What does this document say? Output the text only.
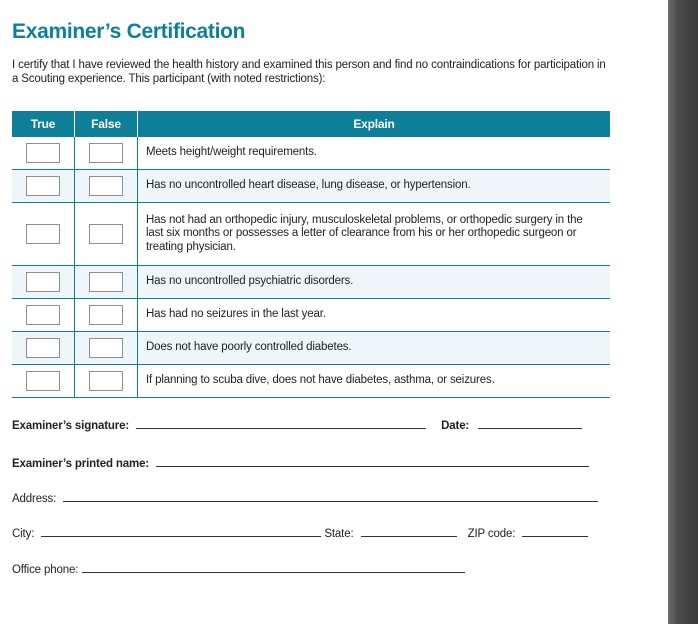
Examiner’s Certification
I certify that I have reviewed the health history and examined this person and find no contraindications for participation in a Scouting experience. This participant (with noted restrictions):
True	False	Explain
		Meets height/weight requirements.
		Has no uncontrolled heart disease, lung disease, or hypertension.
		Has not had an orthopedic injury, musculoskeletal problems, or orthopedic surgery in the last six months or possesses a letter of clearance from his or her orthopedic surgeon or treating physician.
		Has no uncontrolled psychiatric disorders.
		Has had no seizures in the last year.
		Does not have poorly controlled diabetes.
		If planning to scuba dive, does not have diabetes, asthma, or seizures.
Examiner’s signature:	Date:
Examiner’s printed name:
Address:
City:	State:	ZIP code:
Office phone:
